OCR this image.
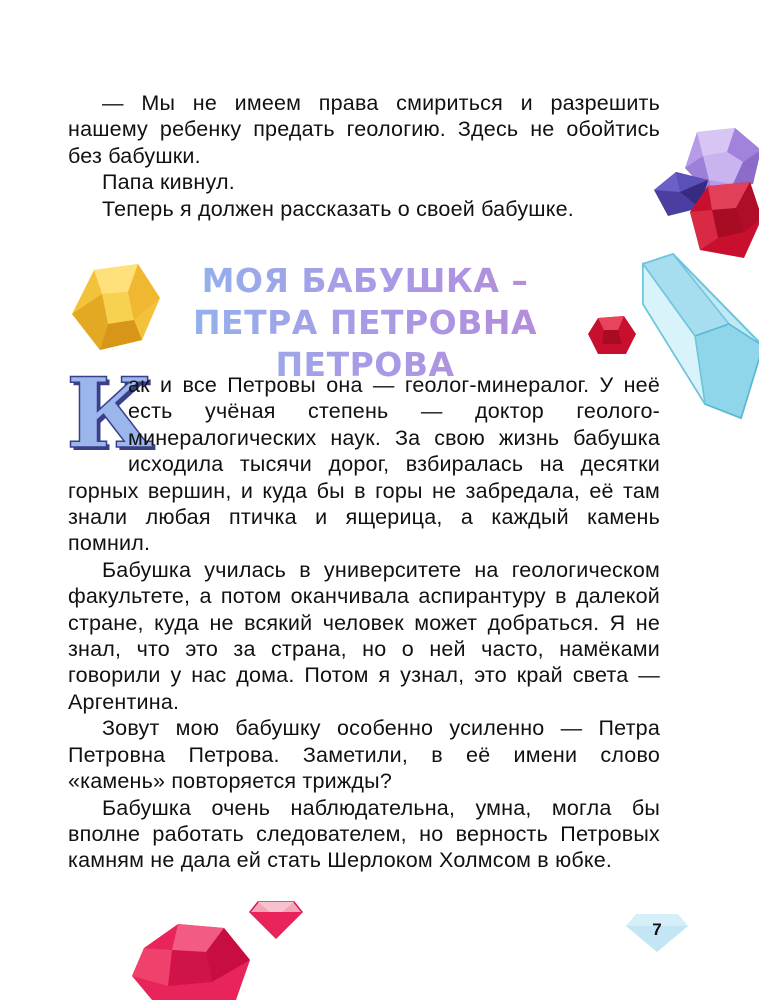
— Мы не имеем права смириться и разрешить нашему ребенку предать геологию. Здесь не обойтись без бабушки.

Папа кивнул.

Теперь я должен рассказать о своей бабушке.

МОЯ БАБУШКА –
ПЕТРА ПЕТРОВНА ПЕТРОВА

К
ак и все Петровы она — геолог-минералог. У неё есть учёная степень — доктор геолого-минералогических наук. За свою жизнь бабушка исходила тысячи дорог, взбиралась на десятки горных вершин, и куда бы в горы не забредала, её там знали любая птичка и ящерица, а каждый камень помнил.

Бабушка училась в университете на геологическом факультете, а потом оканчивала аспирантуру в далекой стране, куда не всякий человек может добраться. Я не знал, что это за страна, но о ней часто, намёками говорили у нас дома. Потом я узнал, это край света — Аргентина.

Зовут мою бабушку особенно усиленно — Петра Петровна Петрова. Заметили, в её имени слово «камень» повторяется трижды?

Бабушка очень наблюдательна, умна, могла бы вполне работать следователем, но верность Петровых камням не дала ей стать Шерлоком Холмсом в юбке.

7
